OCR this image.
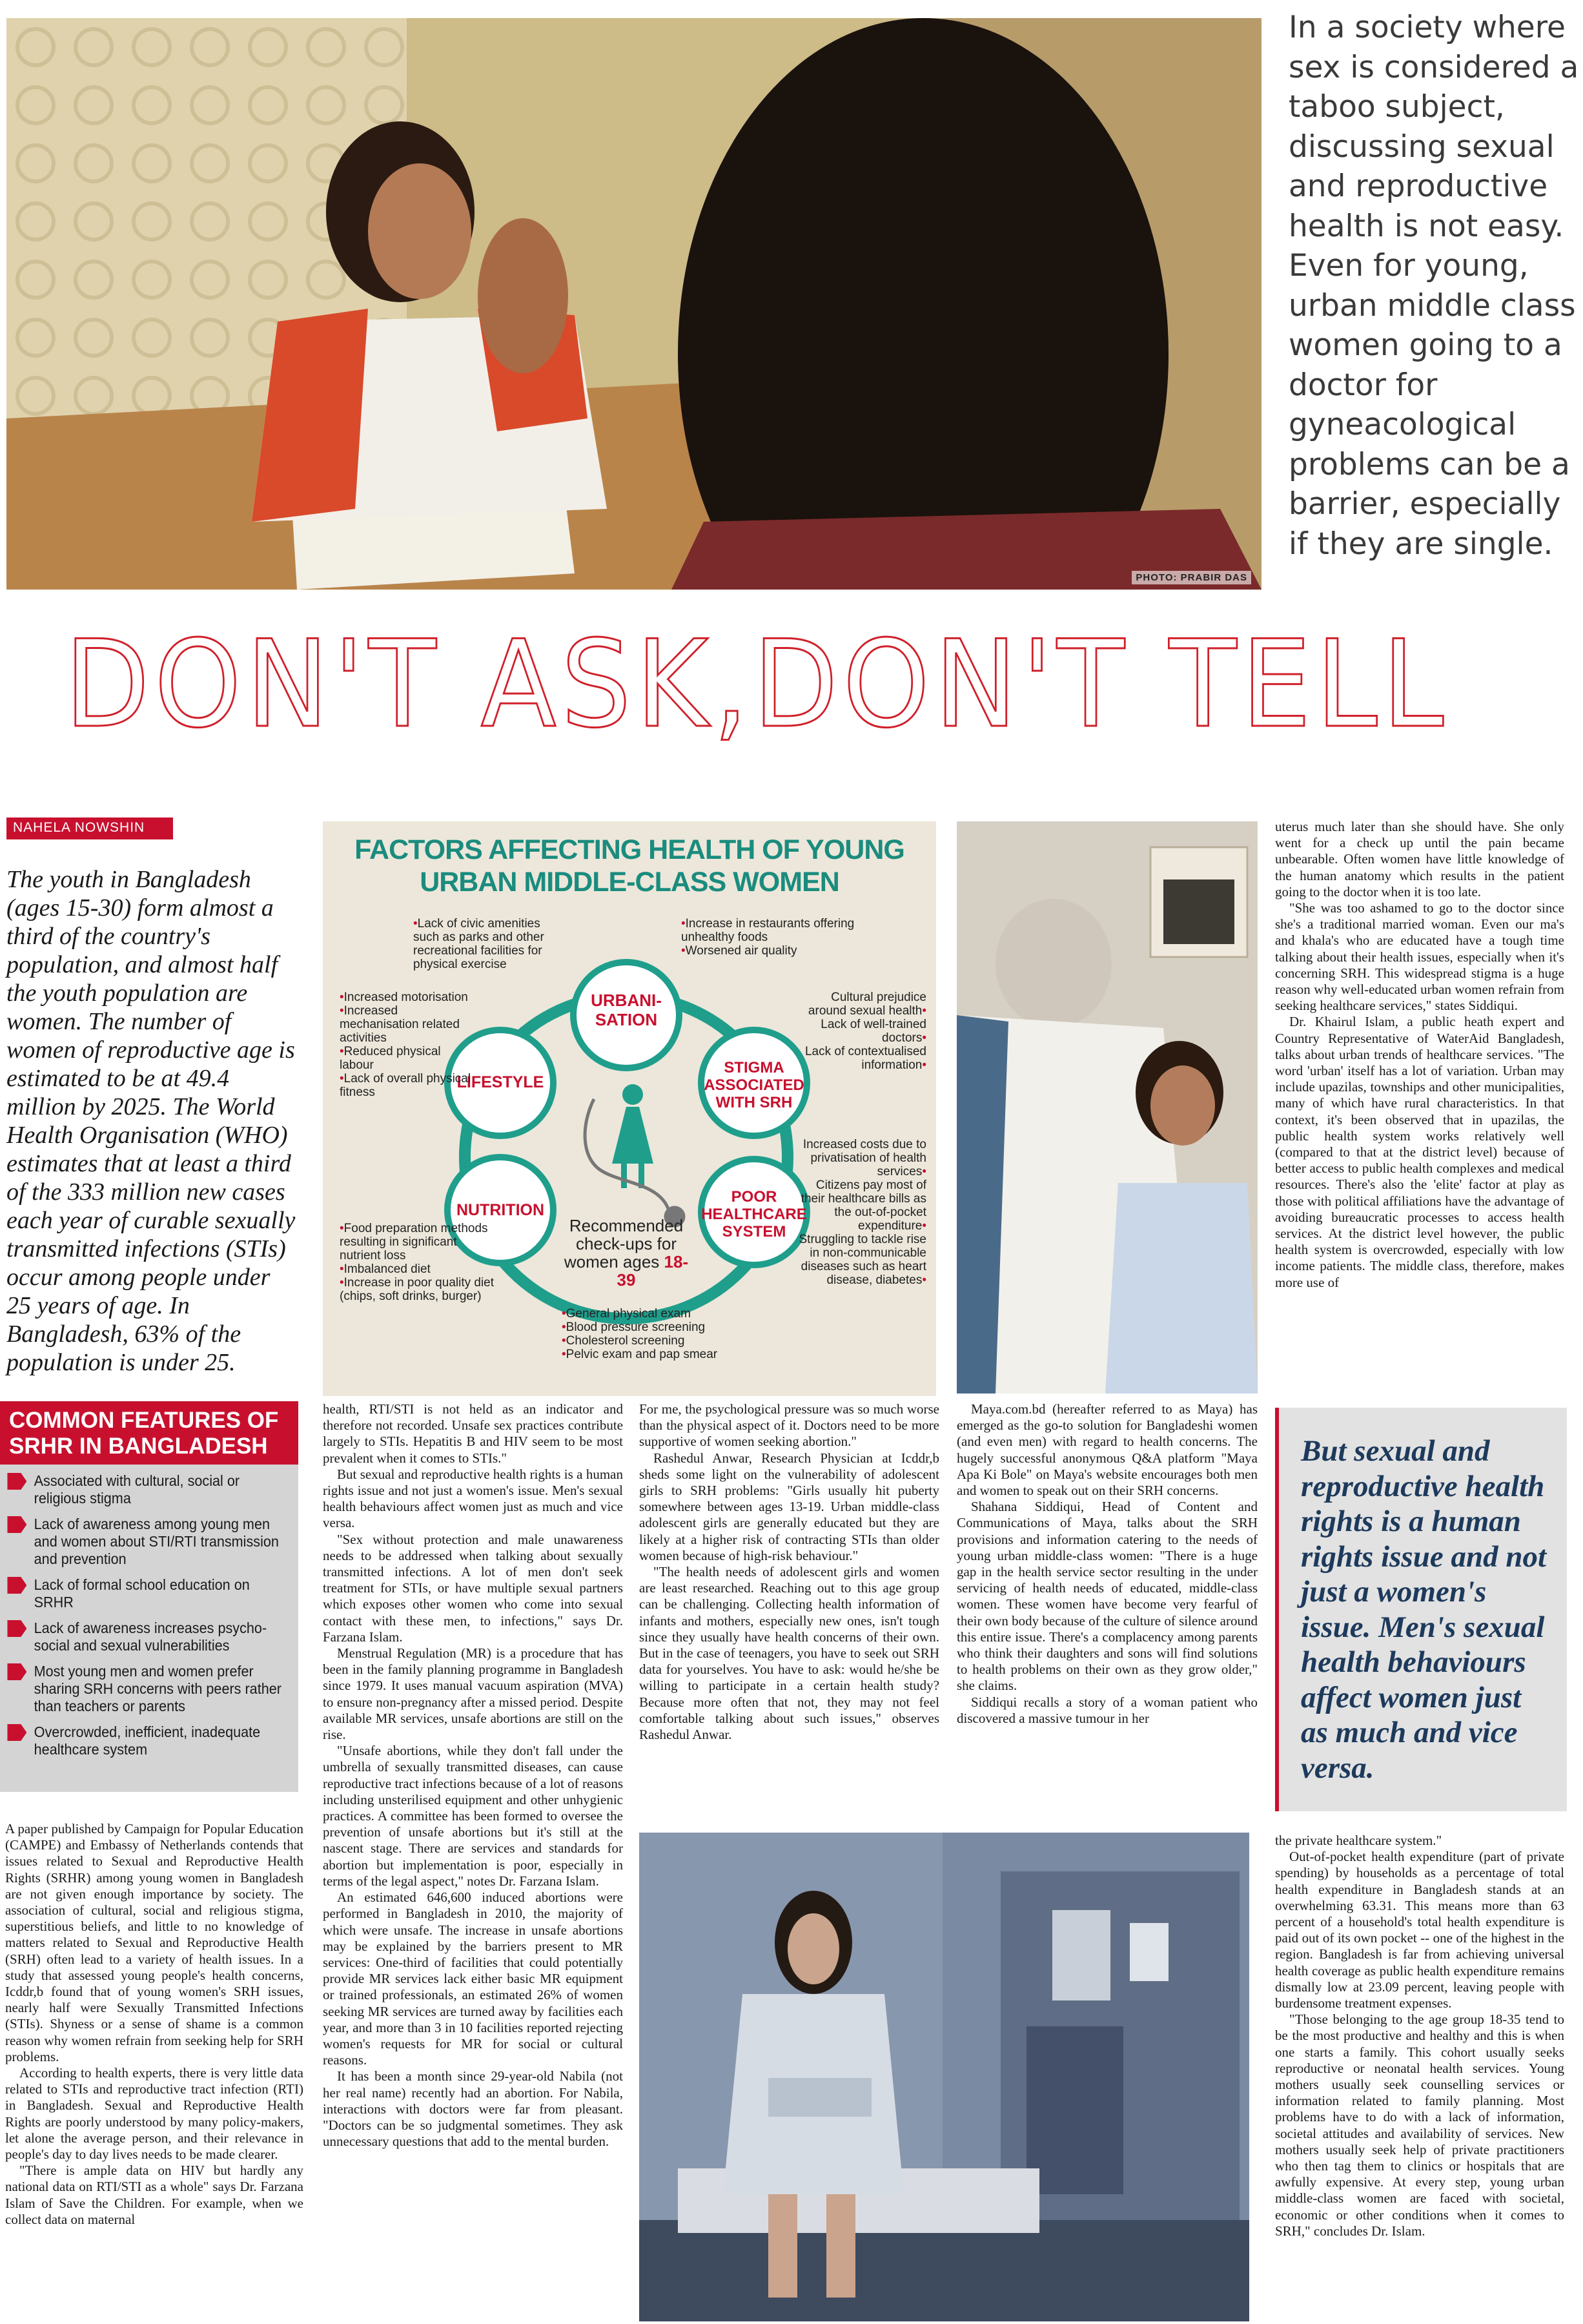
PHOTO: PRABIR DAS
In a society where sex is considered a taboo subject, discussing sexual and reproductive health is not easy. Even for young, urban middle class women going to a doctor for gyneacological problems can be a barrier, especially if they are single.
DON'T ASK,DON'T TELL
NAHELA NOWSHIN
The youth in Bangladesh (ages 15-30) form almost a third of the country's population, and almost half the youth population are women. The number of women of reproductive age is estimated to be at 49.4 million by 2025. The World Health Organisation (WHO) estimates that at least a third of the 333 million new cases each year of curable sexually transmitted infections (STIs) occur among people under 25 years of age. In Bangladesh, 63% of the population is under 25.
FACTORS AFFECTING HEALTH OF YOUNG
URBAN MIDDLE-CLASS WOMEN
URBANI-
SATION
LIFESTYLE
STIGMA
ASSOCIATED
WITH SRH
NUTRITION
POOR
HEALTHCARE
SYSTEM
Recommended
check-ups for
women ages 18-39
•Lack of civic amenities such as parks and other recreational facilities for physical exercise
•Increase in restaurants offering unhealthy foods
•Worsened air quality
•Increased motorisation
•Increased mechanisation related activities
•Reduced physical labour
•Lack of overall physical fitness
Cultural prejudice around sexual health•
Lack of well-trained doctors•
Lack of contextualised information•
•Food preparation methods resulting in significant nutrient loss
•Imbalanced diet
•Increase in poor quality diet (chips, soft drinks, burger)
Increased costs due to privatisation of health services•
Citizens pay most of their healthcare bills as the out-of-pocket expenditure•
Struggling to tackle rise in non-communicable diseases such as heart disease, diabetes•
•General physical exam
•Blood pressure screening
•Cholesterol screening
•Pelvic exam and pap smear
COMMON FEATURES OF
SRHR IN BANGLADESH
Associated with cultural, social or religious stigma
Lack of awareness among young men and women about STI/RTI transmission and prevention
Lack of formal school education on SRHR
Lack of awareness increases psycho-social and sexual vulnerabilities
Most young men and women prefer sharing SRH concerns with peers rather than teachers or parents
Overcrowded, inefficient, inadequate healthcare system

A paper published by Campaign for Popular Education (CAMPE) and Embassy of Netherlands contends that issues related to Sexual and Reproductive Health Rights (SRHR) among young women in Bangladesh are not given enough importance by society. The association of cultural, social and religious stigma, superstitious beliefs, and little to no knowledge of matters related to Sexual and Reproductive Health (SRH) often lead to a variety of health issues. In a study that assessed young people's health concerns, Icddr,b found that of young women's SRH issues, nearly half were Sexually Transmitted Infections (STIs). Shyness or a sense of shame is a common reason why women refrain from seeking help for SRH problems.

According to health experts, there is very little data related to STIs and reproductive tract infection (RTI) in Bangladesh. Sexual and Reproductive Health Rights are poorly understood by many policy-makers, let alone the average person, and their relevance in people's day to day lives needs to be made clearer.

"There is ample data on HIV but hardly any national data on RTI/STI as a whole" says Dr. Farzana Islam of Save the Children. For example, when we collect data on maternal

health, RTI/STI is not held as an indicator and therefore not recorded. Unsafe sex practices contribute largely to STIs. Hepatitis B and HIV seem to be most prevalent when it comes to STIs."

But sexual and reproductive health rights is a human rights issue and not just a women's issue. Men's sexual health behaviours affect women just as much and vice versa.

"Sex without protection and male unawareness needs to be addressed when talking about sexually transmitted infections. A lot of men don't seek treatment for STIs, or have multiple sexual partners which exposes other women who come into sexual contact with these men, to infections," says Dr. Farzana Islam.

Menstrual Regulation (MR) is a procedure that has been in the family planning programme in Bangladesh since 1979. It uses manual vacuum aspiration (MVA) to ensure non-pregnancy after a missed period. Despite available MR services, unsafe abortions are still on the rise.

"Unsafe abortions, while they don't fall under the umbrella of sexually transmitted diseases, can cause reproductive tract infections because of a lot of reasons including unsterilised equipment and other unhygienic practices. A committee has been formed to oversee the prevention of unsafe abortions but it's still at the nascent stage. There are services and standards for abortion but implementation is poor, especially in terms of the legal aspect," notes Dr. Farzana Islam.

An estimated 646,600 induced abortions were performed in Bangladesh in 2010, the majority of which were unsafe. The increase in unsafe abortions may be explained by the barriers present to MR services: One-third of facilities that could potentially provide MR services lack either basic MR equipment or trained professionals, an estimated 26% of women seeking MR services are turned away by facilities each year, and more than 3 in 10 facilities reported rejecting women's requests for MR for social or cultural reasons.

It has been a month since 29-year-old Nabila (not her real name) recently had an abortion. For Nabila, interactions with doctors were far from pleasant. "Doctors can be so judgmental sometimes. They ask unnecessary questions that add to the mental burden.

For me, the psychological pressure was so much worse than the physical aspect of it. Doctors need to be more supportive of women seeking abortion."

Rashedul Anwar, Research Physician at Icddr,b sheds some light on the vulnerability of adolescent girls to SRH problems: "Girls usually hit puberty somewhere between ages 13-19. Urban middle-class adolescent girls are generally educated but they are likely at a higher risk of contracting STIs than older women because of high-risk behaviour."

"The health needs of adolescent girls and women are least researched. Reaching out to this age group can be challenging. Collecting health information of infants and mothers, especially new ones, isn't tough since they usually have health concerns of their own. But in the case of teenagers, you have to seek out SRH data for yourselves. You have to ask: would he/she be willing to participate in a certain health study? Because more often that not, they may not feel comfortable talking about such issues," observes Rashedul Anwar.

Maya.com.bd (hereafter referred to as Maya) has emerged as the go-to solution for Bangladeshi women (and even men) with regard to health concerns. The hugely successful anonymous Q&A platform "Maya Apa Ki Bole" on Maya's website encourages both men and women to speak out on their SRH concerns.

Shahana Siddiqui, Head of Content and Communications of Maya, talks about the SRH provisions and information catering to the needs of young urban middle-class women: "There is a huge gap in the health service sector resulting in the under servicing of health needs of educated, middle-class women. These women have become very fearful of their own body because of the culture of silence around this entire issue. There's a complacency among parents who think their daughters and sons will find solutions to health problems on their own as they grow older," she claims.

Siddiqui recalls a story of a woman patient who discovered a massive tumour in her

uterus much later than she should have. She only went for a check up until the pain became unbearable. Often women have little knowledge of the human anatomy which results in the patient going to the doctor when it is too late.

"She was too ashamed to go to the doctor since she's a traditional married woman. Even our ma's and khala's who are educated have a tough time talking about their health issues, especially when it's concerning SRH. This widespread stigma is a huge reason why well-educated urban women refrain from seeking healthcare services," states Siddiqui.

Dr. Khairul Islam, a public heath expert and Country Representative of WaterAid Bangladesh, talks about urban trends of healthcare services. "The word 'urban' itself has a lot of variation. Urban may include upazilas, townships and other municipalities, many of which have rural characteristics. In that context, it's been observed that in upazilas, the public health system works relatively well (compared to that at the district level) because of better access to public health complexes and medical resources. There's also the 'elite' factor at play as those with political affiliations have the advantage of avoiding bureaucratic processes to access health services. At the district level however, the public health system is overcrowded, especially with low income patients. The middle class, therefore, makes more use of

But sexual and reproductive health rights is a human rights issue and not just a women's issue. Men's sexual health behaviours affect women just as much and vice versa.

the private healthcare system."

Out-of-pocket health expenditure (part of private spending) by households as a percentage of total health expenditure in Bangladesh stands at an overwhelming 63.31. This means more than 63 percent of a household's total health expenditure is paid out of its own pocket -- one of the highest in the region. Bangladesh is far from achieving universal health coverage as public health expenditure remains dismally low at 23.09 percent, leaving people with burdensome treatment expenses.

"Those belonging to the age group 18-35 tend to be the most productive and healthy and this is when one starts a family. This cohort usually seeks reproductive or neonatal health services. Young mothers usually seek counselling services or information related to family planning. Most problems have to do with a lack of information, societal attitudes and availability of services. New mothers usually seek help of private practitioners who then tag them to clinics or hospitals that are awfully expensive. At every step, young urban middle-class women are faced with societal, economic or other conditions when it comes to SRH," concludes Dr. Islam.
